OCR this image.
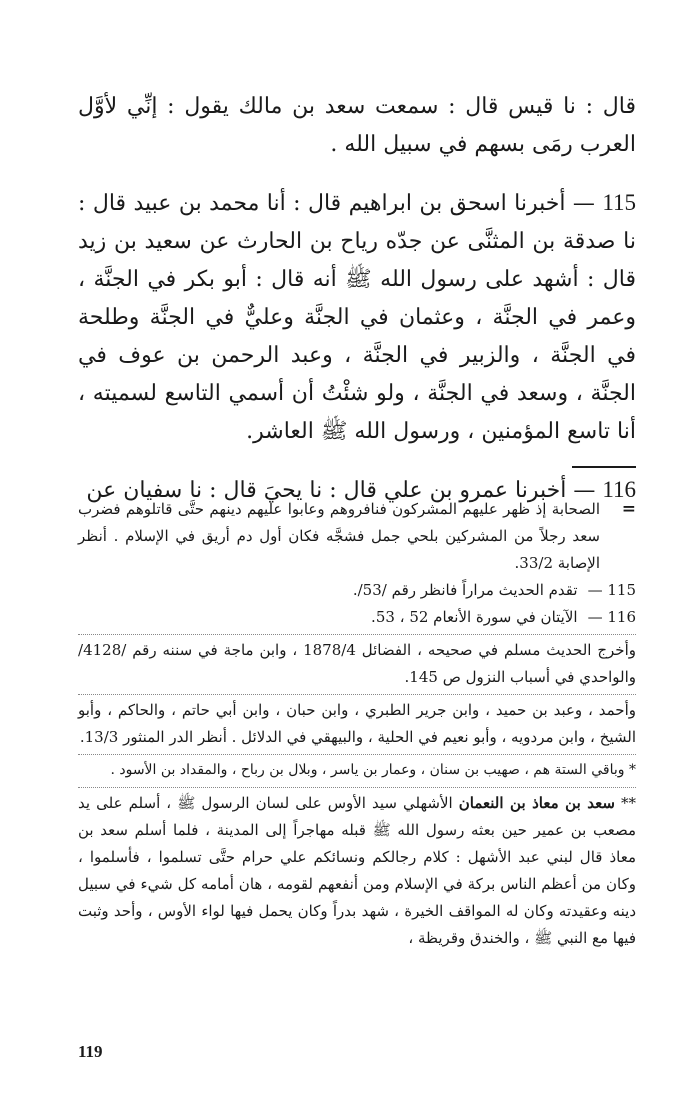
قال : نا قيس قال : سمعت سعد بن مالك يقول : إنِّي لأوَّل العرب رمَى بسهم في سبيل الله .

115 — أخبرنا اسحق بن ابراهيم قال : أنا محمد بن عبيد قال : نا صدقة بن المثنَّى عن جدّه رياح بن الحارث عن سعيد بن زيد قال : أشهد على رسول الله ﷺ أنه قال : أبو بكر في الجنَّة ، وعمر في الجنَّة ، وعثمان في الجنَّة وعليٌّ في الجنَّة وطلحة في الجنَّة ، والزبير في الجنَّة ، وعبد الرحمن بن عوف في الجنَّة ، وسعد في الجنَّة ، ولو شئْتُ أن أسمي التاسع لسميته ، أنا تاسع المؤمنين ، ورسول الله ﷺ العاشر.

116 — أخبرنا عمرو بن علي قال : نا يحيَ قال : نا سفيان عن

=
الصحابة إذ ظهر عليهم المشركون فنافروهم وعابوا عليهم دينهم حتَّى قاتلوهم فضرب سعد رجلاً من المشركين بلحي جمل فشجَّه فكان أول دم أريق في الإسلام . أنظر الإصابة 33/2.
115 —
تقدم الحديث مراراً فانظر رقم /53/.
116 —
الآيتان في سورة الأنعام 52 ، 53.

وأخرج الحديث مسلم في صحيحه ، الفضائل 1878/4 ، وابن ماجة في سننه رقم /4128/ والواحدي في أسباب النزول ص 145.

وأحمد ، وعبد بن حميد ، وابن جرير الطبري ، وابن حبان ، وابن أبي حاتم ، والحاكم ، وأبو الشيخ ، وابن مردويه ، وأبو نعيم في الحلية ، والبيهقي في الدلائل . أنظر الدر المنثور 13/3.

* وباقي الستة هم ، صهيب بن سنان ، وعمار بن ياسر ، وبلال بن رباح ، والمقداد بن الأسود .

** سعد بن معاذ بن النعمان الأشهلي سيد الأوس على لسان الرسول ﷺ ، أسلم على يد مصعب بن عمير حين بعثه رسول الله ﷺ قبله مهاجراً إلى المدينة ، فلما أسلم سعد بن معاذ قال لبني عبد الأشهل : كلام رجالكم ونسائكم علي حرام حتَّى تسلموا ، فأسلموا ، وكان من أعظم الناس بركة في الإسلام ومن أنفعهم لقومه ، هان أمامه كل شيء في سبيل دينه وعقيدته وكان له المواقف الخيرة ، شهد بدراً وكان يحمل فيها لواء الأوس ، وأحد وثبت فيها مع النبي ﷺ ، والخندق وقريظة ،

119
